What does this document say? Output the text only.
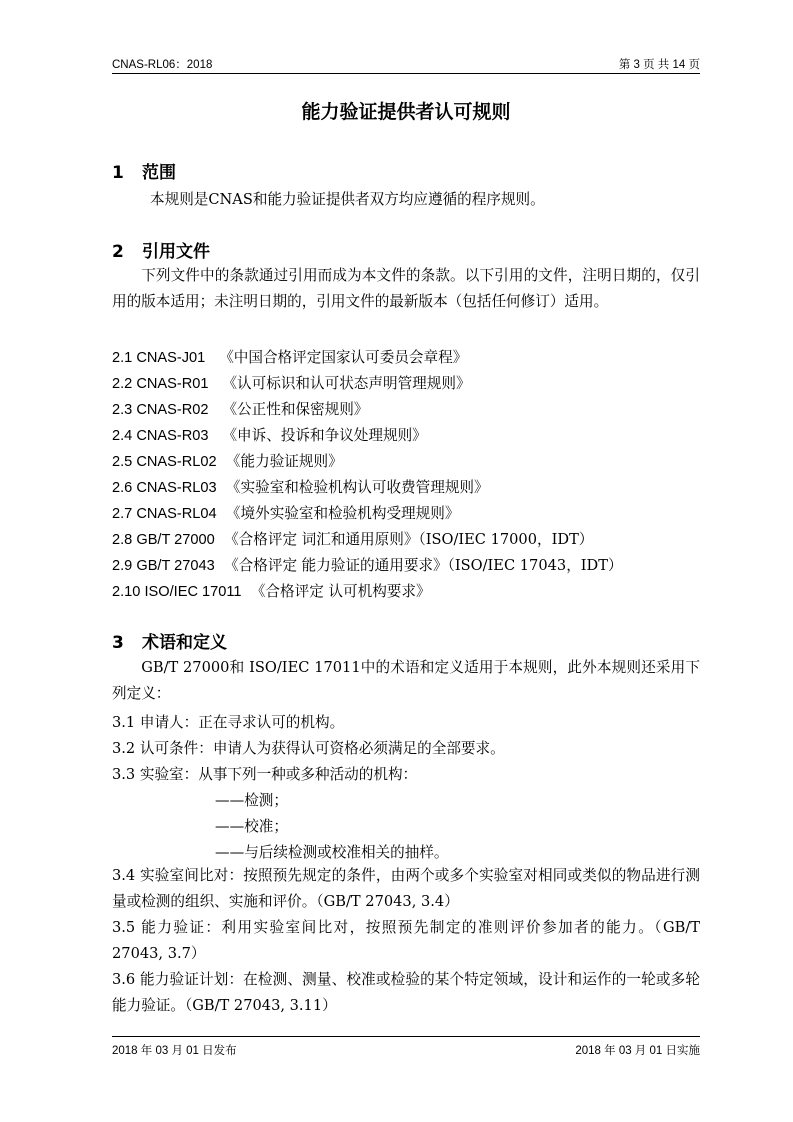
CNAS-RL06：2018	第 3 页 共 14 页
能力验证提供者认可规则
1 范围
本规则是CNAS和能力验证提供者双方均应遵循的程序规则。
2 引用文件

下列文件中的条款通过引用而成为本文件的条款。以下引用的文件，注明日期的，仅引用的版本适用；未注明日期的，引用文件的最新版本（包括任何修订）适用。

2.1 CNAS-J01 《中国合格评定国家认可委员会章程》
2.2 CNAS-R01 《认可标识和认可状态声明管理规则》
2.3 CNAS-R02 《公正性和保密规则》
2.4 CNAS-R03 《申诉、投诉和争议处理规则》
2.5 CNAS-RL02 《能力验证规则》
2.6 CNAS-RL03 《实验室和检验机构认可收费管理规则》
2.7 CNAS-RL04 《境外实验室和检验机构受理规则》
2.8 GB/T 27000 《合格评定 词汇和通用原则》（ISO/IEC 17000，IDT）
2.9 GB/T 27043 《合格评定 能力验证的通用要求》（ISO/IEC 17043，IDT）
2.10 ISO/IEC 17011 《合格评定 认可机构要求》
3 术语和定义

GB/T 27000和 ISO/IEC 17011中的术语和定义适用于本规则，此外本规则还采用下列定义：

3.1 申请人：正在寻求认可的机构。
3.2 认可条件：申请人为获得认可资格必须满足的全部要求。
3.3 实验室：从事下列一种或多种活动的机构：
——检测；
——校准；
——与后续检测或校准相关的抽样。

3.4 实验室间比对：按照预先规定的条件，由两个或多个实验室对相同或类似的物品进行测量或检测的组织、实施和评价。（GB/T 27043, 3.4）

3.5 能力验证：利用实验室间比对，按照预先制定的准则评价参加者的能力。（GB/T 27043, 3.7）

3.6 能力验证计划：在检测、测量、校准或检验的某个特定领域，设计和运作的一轮或多轮能力验证。（GB/T 27043, 3.11）

2018 年 03 月 01 日发布	2018 年 03 月 01 日实施
